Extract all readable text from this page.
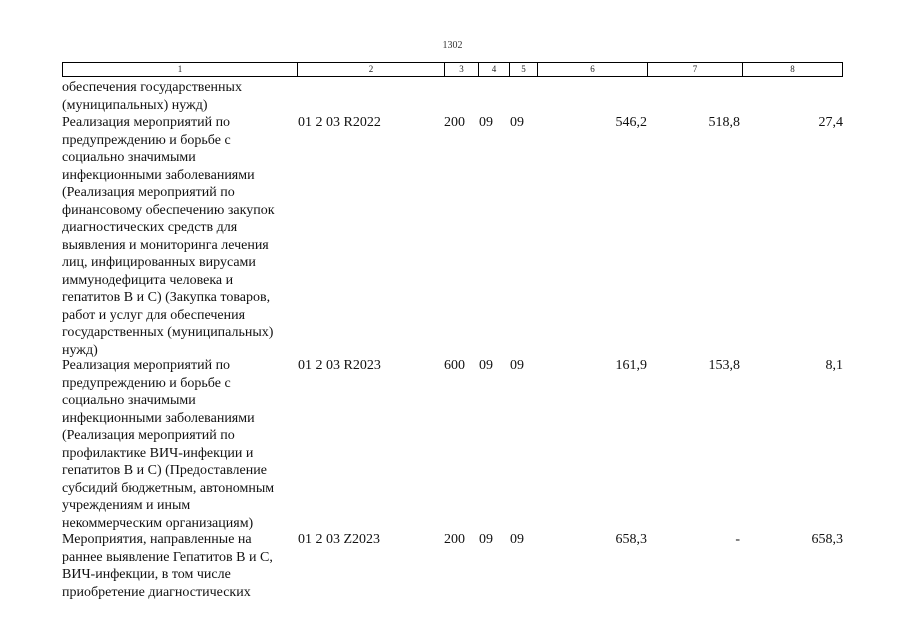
1302
1	2	3	4	5	6	7	8
обеспечения государственных
(муниципальных) нужд)
Реализация мероприятий по
предупреждению и борьбе с
социально значимыми
инфекционными заболеваниями
(Реализация мероприятий по
финансовому обеспечению закупок
диагностических средств для
выявления и мониторинга лечения
лиц, инфицированных вирусами
иммунодефицита человека и
гепатитов B и C) (Закупка товаров,
работ и услуг для обеспечения
государственных (муниципальных)
нужд)
01 2 03 R2022	200 09 09	546,2	518,8	27,4
Реализация мероприятий по
предупреждению и борьбе с
социально значимыми
инфекционными заболеваниями
(Реализация мероприятий по
профилактике ВИЧ-инфекции и
гепатитов B и C) (Предоставление
субсидий бюджетным, автономным
учреждениям и иным
некоммерческим организациям)
01 2 03 R2023	600 09 09	161,9	153,8	8,1
Мероприятия, направленные на
раннее выявление Гепатитов В и С,
ВИЧ-инфекции, в том числе
приобретение диагностических
01 2 03 Z2023	200 09 09	658,3	-	658,3
